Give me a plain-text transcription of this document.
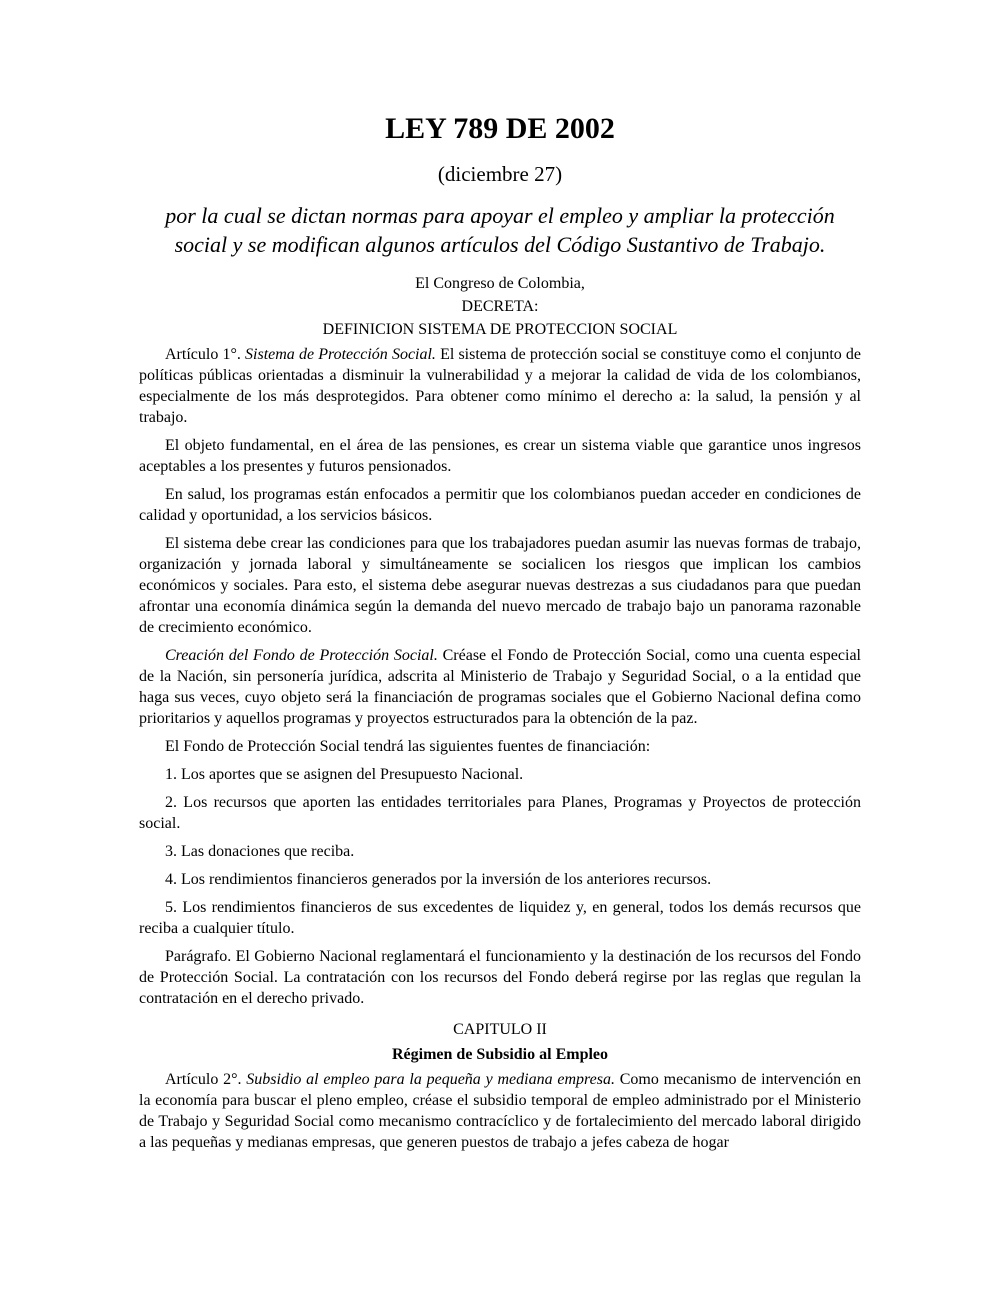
LEY 789 DE 2002

(diciembre 27)

por la cual se dictan normas para apoyar el empleo y ampliar la protección social y se modifican algunos artículos del Código Sustantivo de Trabajo.

El Congreso de Colombia,

DECRETA:

DEFINICION SISTEMA DE PROTECCION SOCIAL

Artículo 1°. Sistema de Protección Social. El sistema de protección social se constituye como el conjunto de políticas públicas orientadas a disminuir la vulnerabilidad y a mejorar la calidad de vida de los colombianos, especialmente de los más desprotegidos. Para obtener como mínimo el derecho a: la salud, la pensión y al trabajo.

El objeto fundamental, en el área de las pensiones, es crear un sistema viable que garantice unos ingresos aceptables a los presentes y futuros pensionados.

En salud, los programas están enfocados a permitir que los colombianos puedan acceder en condiciones de calidad y oportunidad, a los servicios básicos.

El sistema debe crear las condiciones para que los trabajadores puedan asumir las nuevas formas de trabajo, organización y jornada laboral y simultáneamente se socialicen los riesgos que implican los cambios económicos y sociales. Para esto, el sistema debe asegurar nuevas destrezas a sus ciudadanos para que puedan afrontar una economía dinámica según la demanda del nuevo mercado de trabajo bajo un panorama razonable de crecimiento económico.

Creación del Fondo de Protección Social. Créase el Fondo de Protección Social, como una cuenta especial de la Nación, sin personería jurídica, adscrita al Ministerio de Trabajo y Seguridad Social, o a la entidad que haga sus veces, cuyo objeto será la financiación de programas sociales que el Gobierno Nacional defina como prioritarios y aquellos programas y proyectos estructurados para la obtención de la paz.

El Fondo de Protección Social tendrá las siguientes fuentes de financiación:

1. Los aportes que se asignen del Presupuesto Nacional.

2. Los recursos que aporten las entidades territoriales para Planes, Programas y Proyectos de protección social.

3. Las donaciones que reciba.

4. Los rendimientos financieros generados por la inversión de los anteriores recursos.

5. Los rendimientos financieros de sus excedentes de liquidez y, en general, todos los demás recursos que reciba a cualquier título.

Parágrafo. El Gobierno Nacional reglamentará el funcionamiento y la destinación de los recursos del Fondo de Protección Social. La contratación con los recursos del Fondo deberá regirse por las reglas que regulan la contratación en el derecho privado.

CAPITULO II

Régimen de Subsidio al Empleo

Artículo 2°. Subsidio al empleo para la pequeña y mediana empresa. Como mecanismo de intervención en la economía para buscar el pleno empleo, créase el subsidio temporal de empleo administrado por el Ministerio de Trabajo y Seguridad Social como mecanismo contracíclico y de fortalecimiento del mercado laboral dirigido a las pequeñas y medianas empresas, que generen puestos de trabajo a jefes cabeza de hogar
